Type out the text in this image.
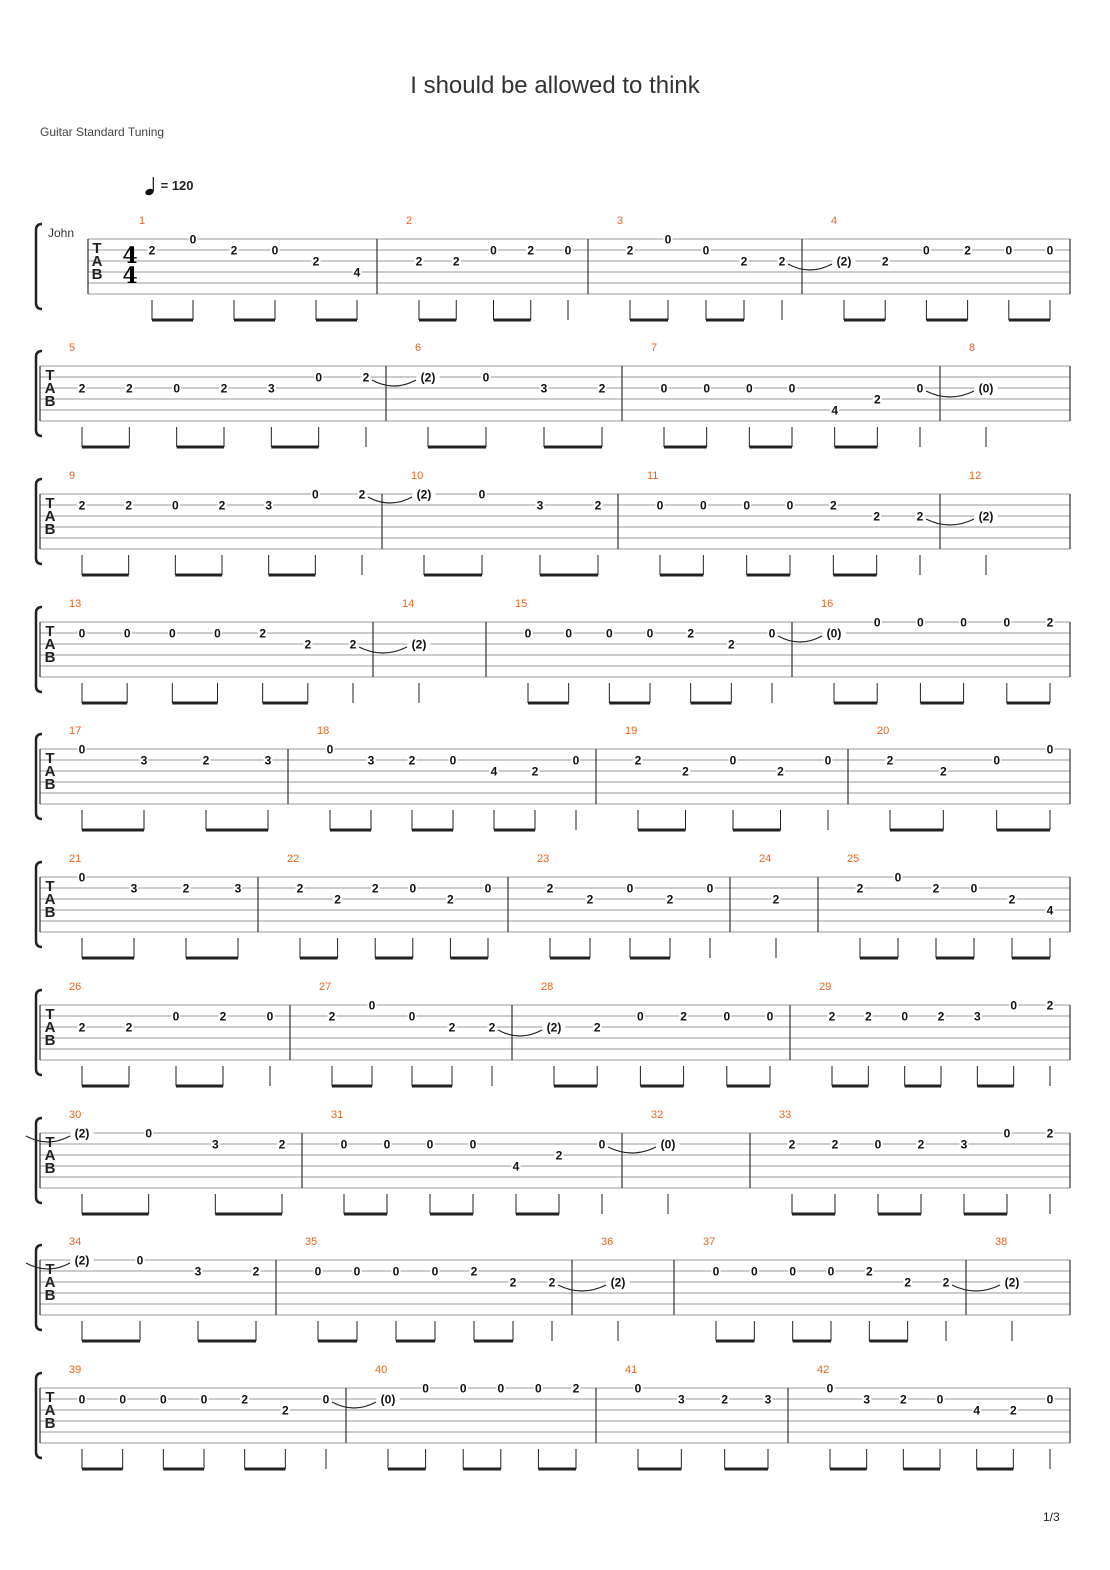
I should be allowed to think
Guitar Standard Tuning
= 120
T
A
B
John
4
4
1
2
0
2	0
2
4
2
2	2
0	2	0
3
2
0
0
2	2
4
(2)	2
0	2	0	0
T
A
B
5
2	2	0	2	3
0	2
6
(2)	0
3	2
7
0	0	0	0
4
2
0
8
(0)
T
A
B
9
2	2	0	2	3
0	2
10
(2)	0
3	2
11
0	0	0	0	2
2	2
12
(2)
T
A
B
13
0	0	0	0	2
2	2
14
(2)
15
0	0	0	0	2
2
0
16
(0)
0	0	0	0	2
T
A
B
17
0
3	2	3
18
0
3	2	0
4	2
0
19
2
2
0
2
0
20
2
2
0
0
T
A
B
21
0
3	2	3
22
2
2
2	0
2
0
23
2
2
0
2
0
24
2
25
2
0
2	0
2
4
T
A
B
26
2	2
0	2	0
27
2
0
0
2	2
28
(2)	2
0	2	0	0
29
2 2 0 2 3
0 2
T
A
B
30
(2)	0
3	2
31
0	0	0	0
4
2
0
32
(0)
33
2	2	0	2	3
0	2
T
A
B
34
(2)	0
3	2
35
0	0	0	0	2
2	2
36
(2)
37
0	0	0	0	2
2	2
38
(2)
T
A
B
39
0	0	0	0	2
2
0
40
(0)
0	0	0	0	2
41
0
3	2	3
42
0
3 2 0
4 2
0
1/3
